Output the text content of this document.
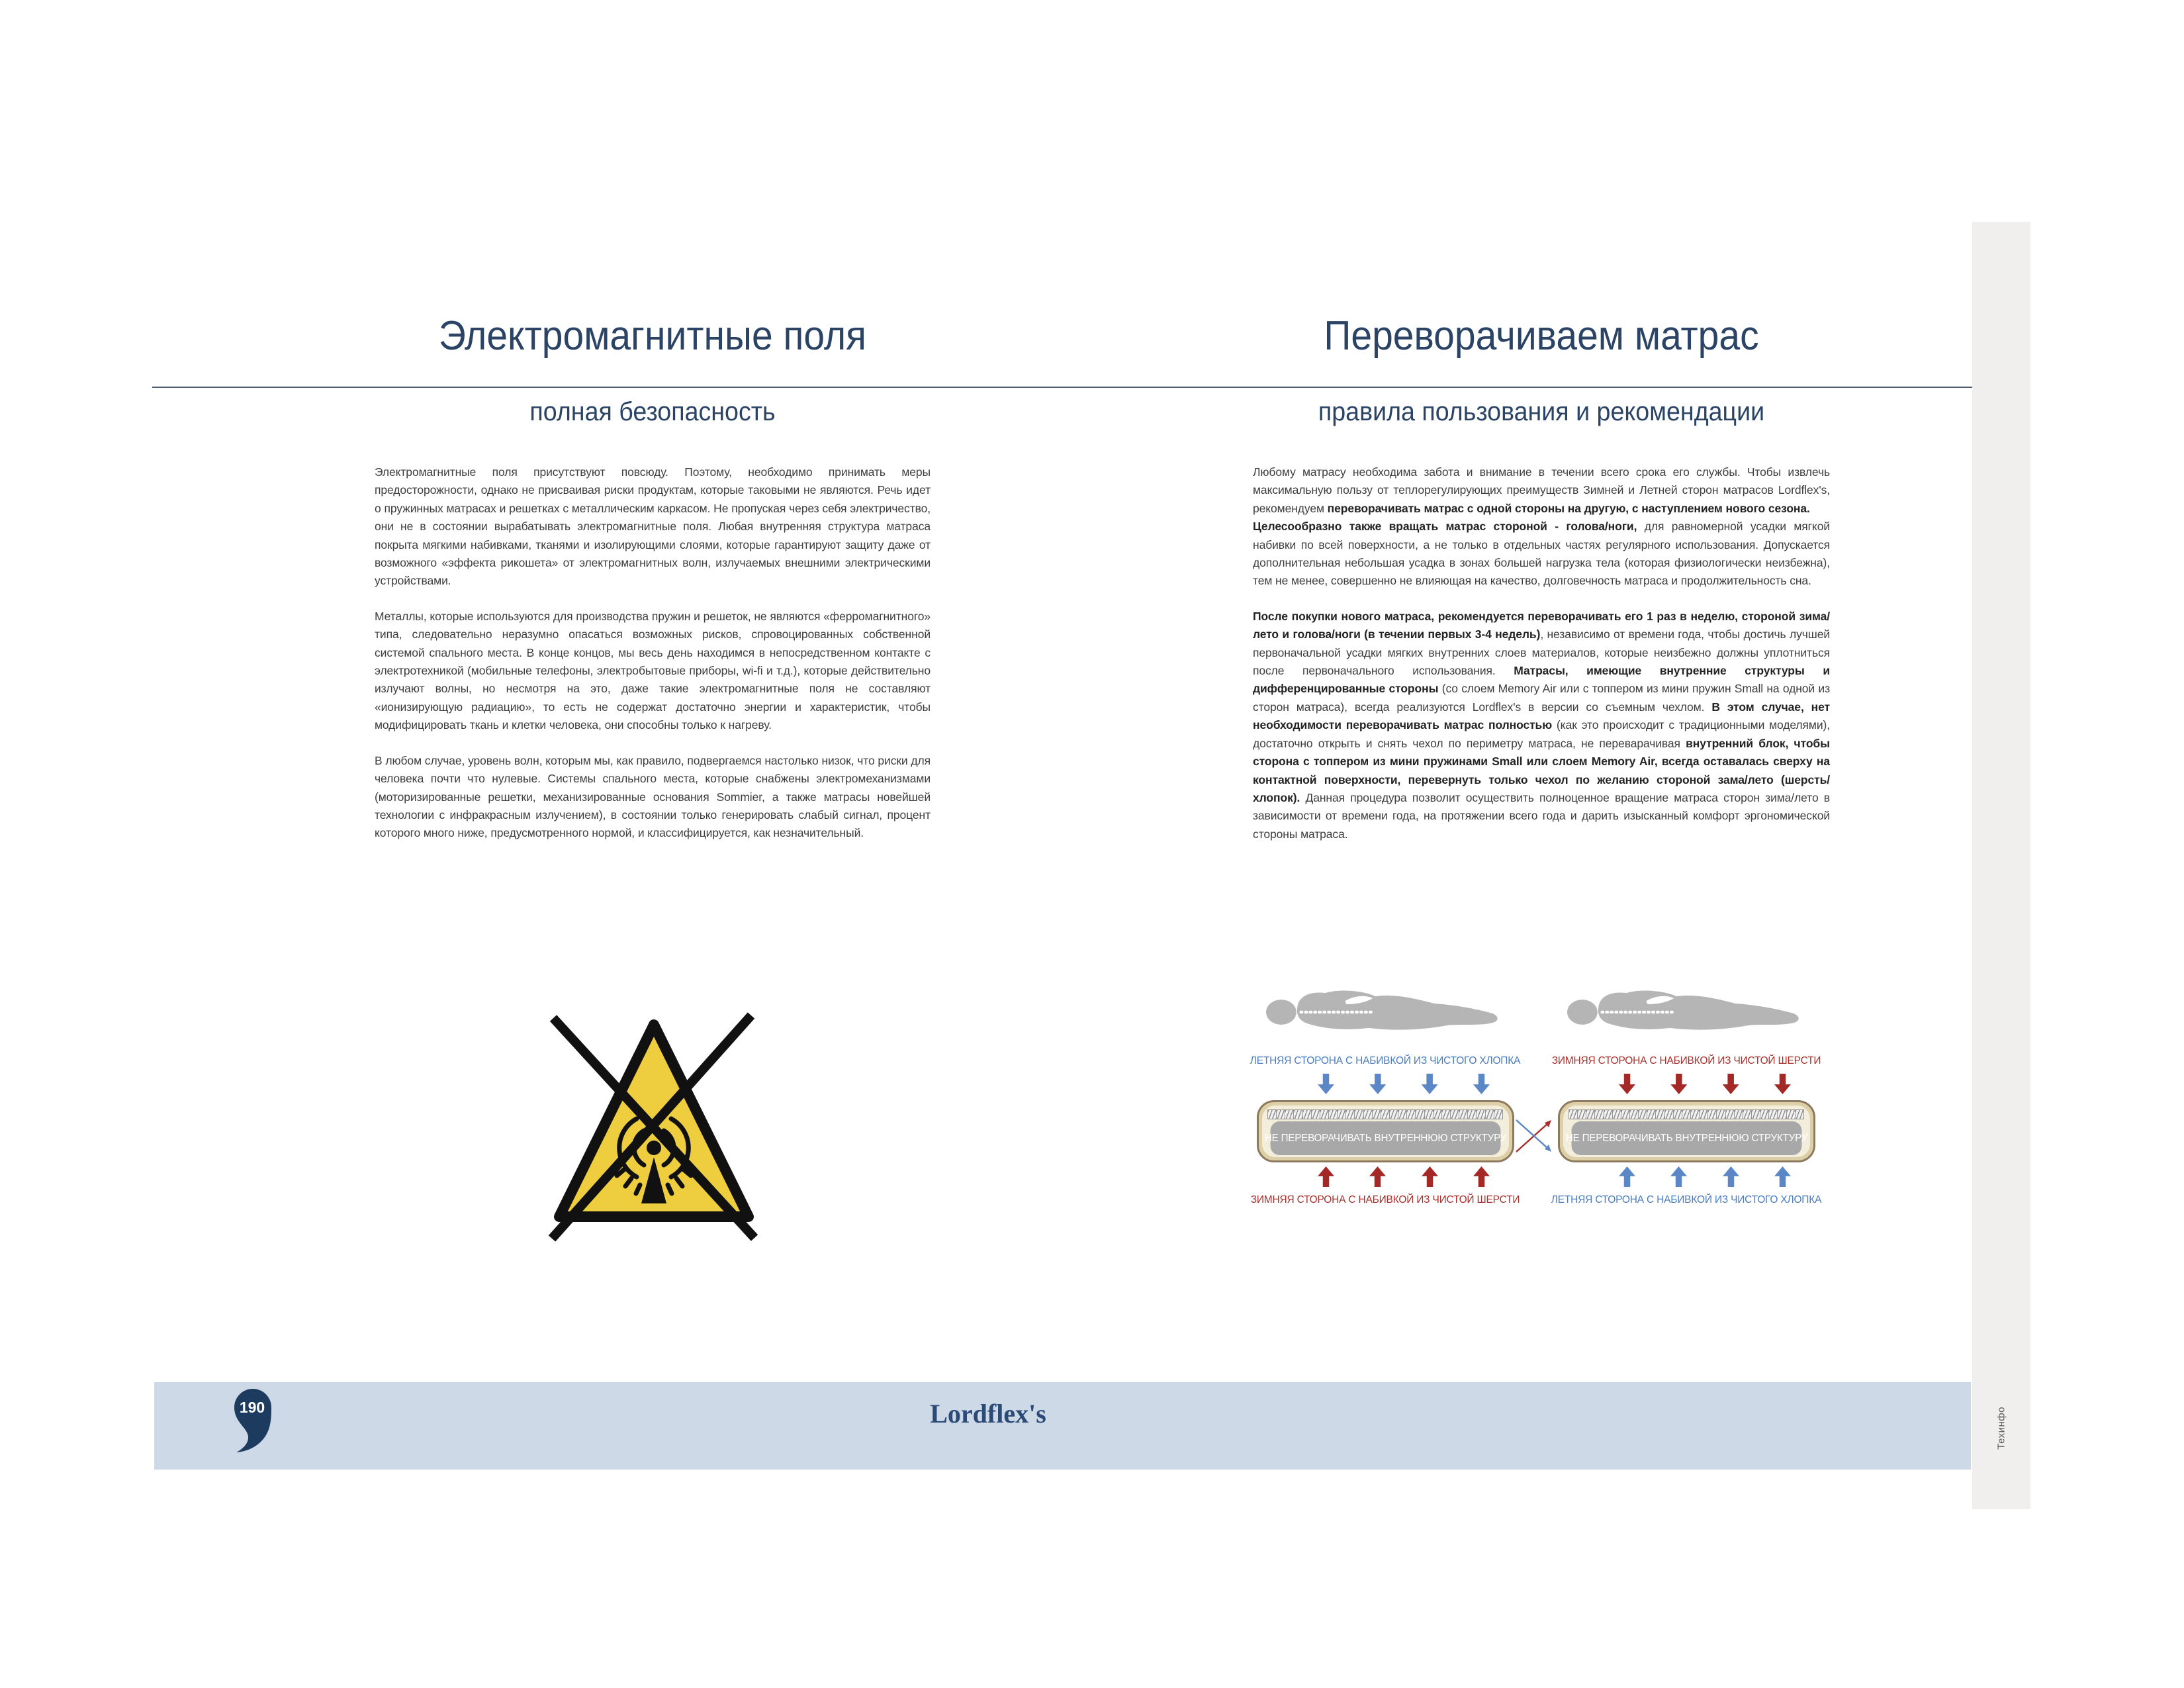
Электромагнитные поля	Переворачиваем матрас
полная безопасность	правила пользования и рекомендации

Электромагнитные поля присутствуют повсюду. Поэтому, необходимо принимать меры предосторожности, однако не присваивая риски продуктам, которые таковыми не являются. Речь идет о пружинных матрасах и решетках с металлическим каркасом. Не пропуская через себя электричество, они не в состоянии вырабатывать электромагнитные поля. Любая внутренняя структура матраса покрыта мягкими набивками, тканями и изолирующими слоями, которые гарантируют защиту даже от возможного «эффекта рикошета» от электромагнитных волн, излучаемых внешними электрическими устройствами.

Металлы, которые используются для производства пружин и решеток, не являются «ферромагнитного» типа, следовательно неразумно опасаться возможных рисков, спровоцированных собственной системой спального места. В конце концов, мы весь день находимся в непосредственном контакте с электротехникой (мобильные телефоны, электробытовые приборы, wi-fi и т.д.), которые действительно излучают волны, но несмотря на это, даже такие электромагнитные поля не составляют «ионизирующую радиацию», то есть не содержат достаточно энергии и характеристик, чтобы модифицировать ткань и клетки человека, они способны только к нагреву.

В любом случае, уровень волн, которым мы, как правило, подвергаемся настолько низок, что риски для человека почти что нулевые. Системы спального места, которые снабжены электромеханизмами (моторизированные решетки, механизированные основания Sommier, а также матрасы новейшей технологии с инфракрасным излучением), в состоянии только генерировать слабый сигнал, процент которого много ниже, предусмотренного нормой, и классифицируется, как незначительный.

Любому матрасу необходима забота и внимание в течении всего срока его службы. Чтобы извлечь максимальную пользу от теплорегулирующих преимуществ Зимней и Летней сторон матрасов Lordflex's, рекомендуем переворачивать матрас с одной стороны на другую, с наступлением нового сезона.

Целесообразно также вращать матрас стороной - голова/ноги, для равномерной усадки мягкой набивки по всей поверхности, а не только в отдельных частях регулярного использования. Допускается дополнительная небольшая усадка в зонах большей нагрузка тела (которая физиологически неизбежна), тем не менее, совершенно не влияющая на качество, долговечность матраса и продолжительность сна.

После покупки нового матраса, рекомендуется переворачивать его 1 раз в неделю, стороной зима/лето и голова/ноги (в течении первых 3-4 недель), независимо от времени года, чтобы достичь лучшей первоначальной усадки мягких внутренних слоев материалов, которые неизбежно должны уплотниться после первоначального использования. Матрасы, имеющие внутренние структуры и дифференцированные стороны (со слоем Memory Air или с топпером из мини пружин Small на одной из сторон матраса), всегда реализуются Lordflex's в версии со съемным чехлом. В этом случае, нет необходимости переворачивать матрас полностью (как это происходит с традиционными моделями), достаточно открыть и снять чехол по периметру матраса, не переварачивая внутренний блок, чтобы сторона с топпером из мини пружинами Small или слоем Memory Air, всегда оставалась сверху на контактной поверхности, перевернуть только чехол по желанию стороной зама/лето (шерсть/хлопок). Данная процедура позволит осуществить полноценное вращение матраса сторон зима/лето в зависимости от времени года, на протяжении всего года и дарить изысканный комфорт эргономической стороны матраса.

ЛЕТНЯЯ СТОРОНА С НАБИВКОЙ ИЗ ЧИСТОГО ХЛОПКА	ЗИМНЯЯ СТОРОНА С НАБИВКОЙ ИЗ ЧИСТОЙ ШЕРСТИ
НЕ ПЕРЕВОРАЧИВАТЬ ВНУТРЕННЮЮ СТРУКТУРУ	НЕ ПЕРЕВОРАЧИВАТЬ ВНУТРЕННЮЮ СТРУКТУРУ
ЗИМНЯЯ СТОРОНА С НАБИВКОЙ ИЗ ЧИСТОЙ ШЕРСТИ	ЛЕТНЯЯ СТОРОНА С НАБИВКОЙ ИЗ ЧИСТОГО ХЛОПКА
190	Lordflex's	Техинфо
